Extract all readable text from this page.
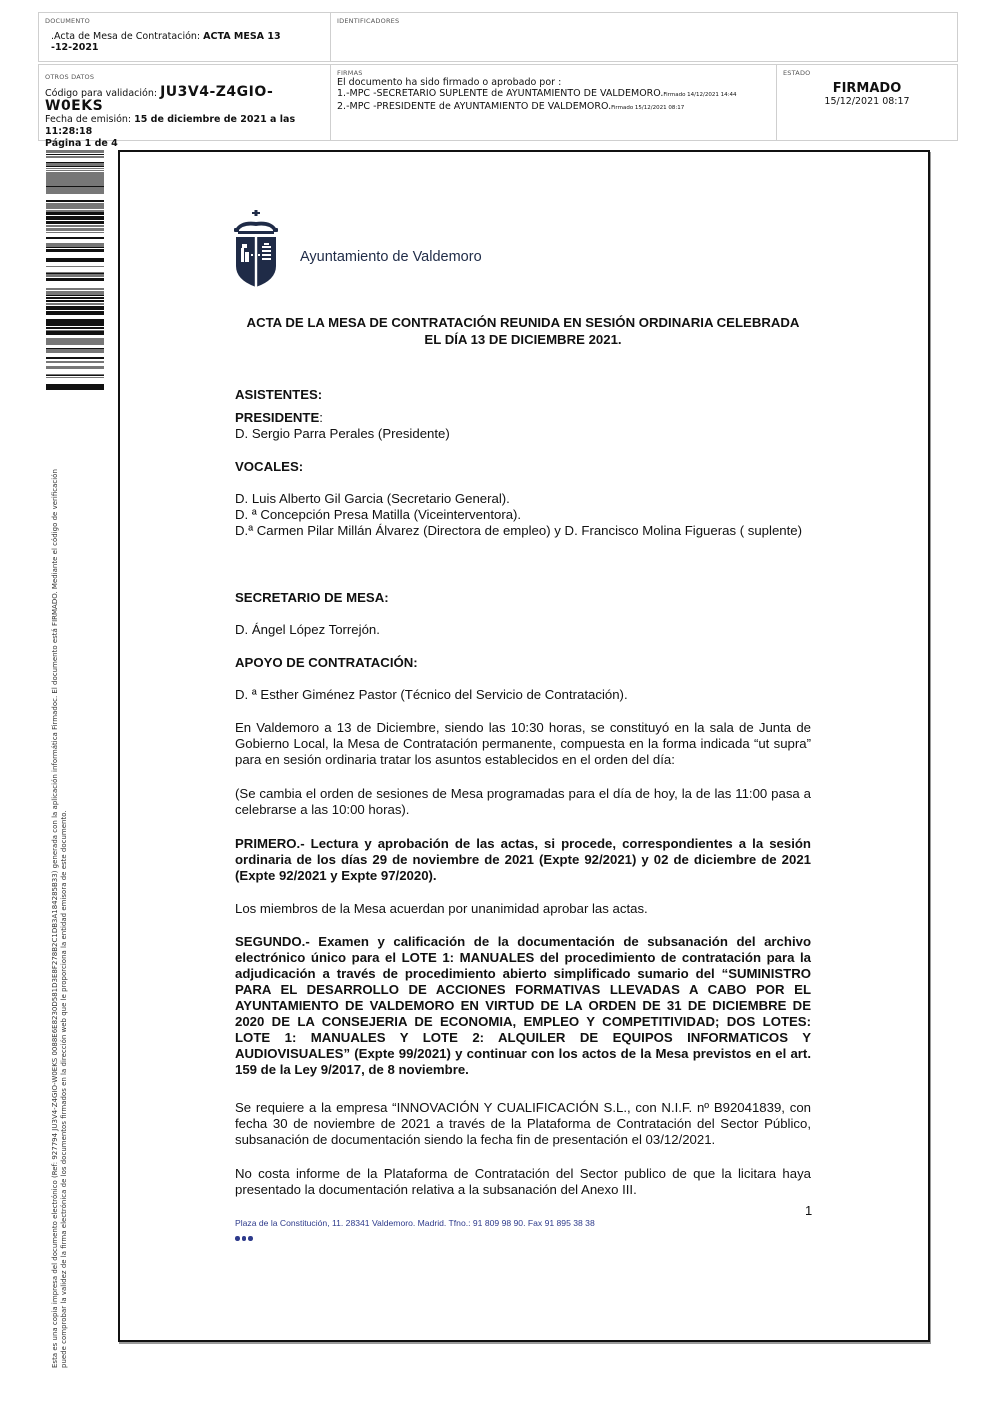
DOCUMENTO
.Acta de Mesa de Contratación: ACTA MESA 13
-12-2021
IDENTIFICADORES
OTROS DATOS
Código para validación: JU3V4-Z4GIO-W0EKS
Fecha de emisión: 15 de diciembre de 2021 a las 11:28:18
Página 1 de 4
FIRMAS
El documento ha sido firmado o aprobado por :
1.-MPC -SECRETARIO SUPLENTE de AYUNTAMIENTO DE VALDEMORO.Firmado 14/12/2021 14:44
2.-MPC -PRESIDENTE de AYUNTAMIENTO DE VALDEMORO.Firmado 15/12/2021 08:17
ESTADO
FIRMADO
15/12/2021 08:17
Esta es una copia impresa del documento electrónico (Ref: 927794 JU3V4-Z4GIO-W0EKS 0088E6E8230D581D3E8F278B2C1DB3A184285B33) generada con la aplicación informática Firmadoc. El documento está FIRMADO. Mediante el código de verificación puede comprobar la validez de la firma electrónica de los documentos firmados en la dirección web que le proporciona la entidad emisora de este documento.
Ayuntamiento de Valdemoro
ACTA DE LA MESA DE CONTRATACIÓN REUNIDA EN SESIÓN ORDINARIA CELEBRADA
EL DÍA 13 DE DICIEMBRE 2021.
ASISTENTES:
PRESIDENTE:
D. Sergio Parra Perales (Presidente)
VOCALES:
D. Luis Alberto Gil Garcia (Secretario General).
D. ª Concepción Presa Matilla (Viceinterventora).
D.ª Carmen Pilar Millán Álvarez (Directora de empleo) y D. Francisco Molina Figueras ( suplente)
SECRETARIO DE MESA:
D. Ángel López Torrejón.
APOYO DE CONTRATACIÓN:
D. ª Esther Giménez Pastor (Técnico del Servicio de Contratación).
En Valdemoro a 13 de Diciembre, siendo las 10:30 horas, se constituyó en la sala de Junta de Gobierno Local, la Mesa de Contratación permanente, compuesta en la forma indicada “ut supra” para en sesión ordinaria tratar los asuntos establecidos en el orden del día:
(Se cambia el orden de sesiones de Mesa programadas para el día de hoy, la de las 11:00 pasa a celebrarse a las 10:00 horas).
PRIMERO.- Lectura y aprobación de las actas, si procede, correspondientes a la sesión ordinaria de los días 29 de noviembre de 2021 (Expte 92/2021) y 02 de diciembre de 2021 (Expte 92/2021 y Expte 97/2020).
Los miembros de la Mesa acuerdan por unanimidad aprobar las actas.
SEGUNDO.- Examen y calificación de la documentación de subsanación del archivo electrónico único para el LOTE 1: MANUALES del procedimiento de contratación para la adjudicación a través de procedimiento abierto simplificado sumario del “SUMINISTRO PARA EL DESARROLLO DE ACCIONES FORMATIVAS LLEVADAS A CABO POR EL AYUNTAMIENTO DE VALDEMORO EN VIRTUD DE LA ORDEN DE 31 DE DICIEMBRE DE 2020 DE LA CONSEJERIA DE ECONOMIA, EMPLEO Y COMPETITIVIDAD; DOS LOTES: LOTE 1: MANUALES Y LOTE 2: ALQUILER DE EQUIPOS INFORMATICOS Y AUDIOVISUALES” (Expte 99/2021) y continuar con los actos de la Mesa previstos en el art. 159 de la Ley 9/2017, de 8 noviembre.
Se requiere a la empresa “INNOVACIÓN Y CUALIFICACIÓN S.L., con N.I.F. nº B92041839, con fecha 30 de noviembre de 2021 a través de la Plataforma de Contratación del Sector Público, subsanación de documentación siendo la fecha fin de presentación el 03/12/2021.
No costa informe de la Plataforma de Contratación del Sector publico de que la licitara haya presentado la documentación relativa a la subsanación del Anexo III.
1
Plaza de la Constitución, 11. 28341 Valdemoro. Madrid. Tfno.: 91 809 98 90. Fax 91 895 38 38
